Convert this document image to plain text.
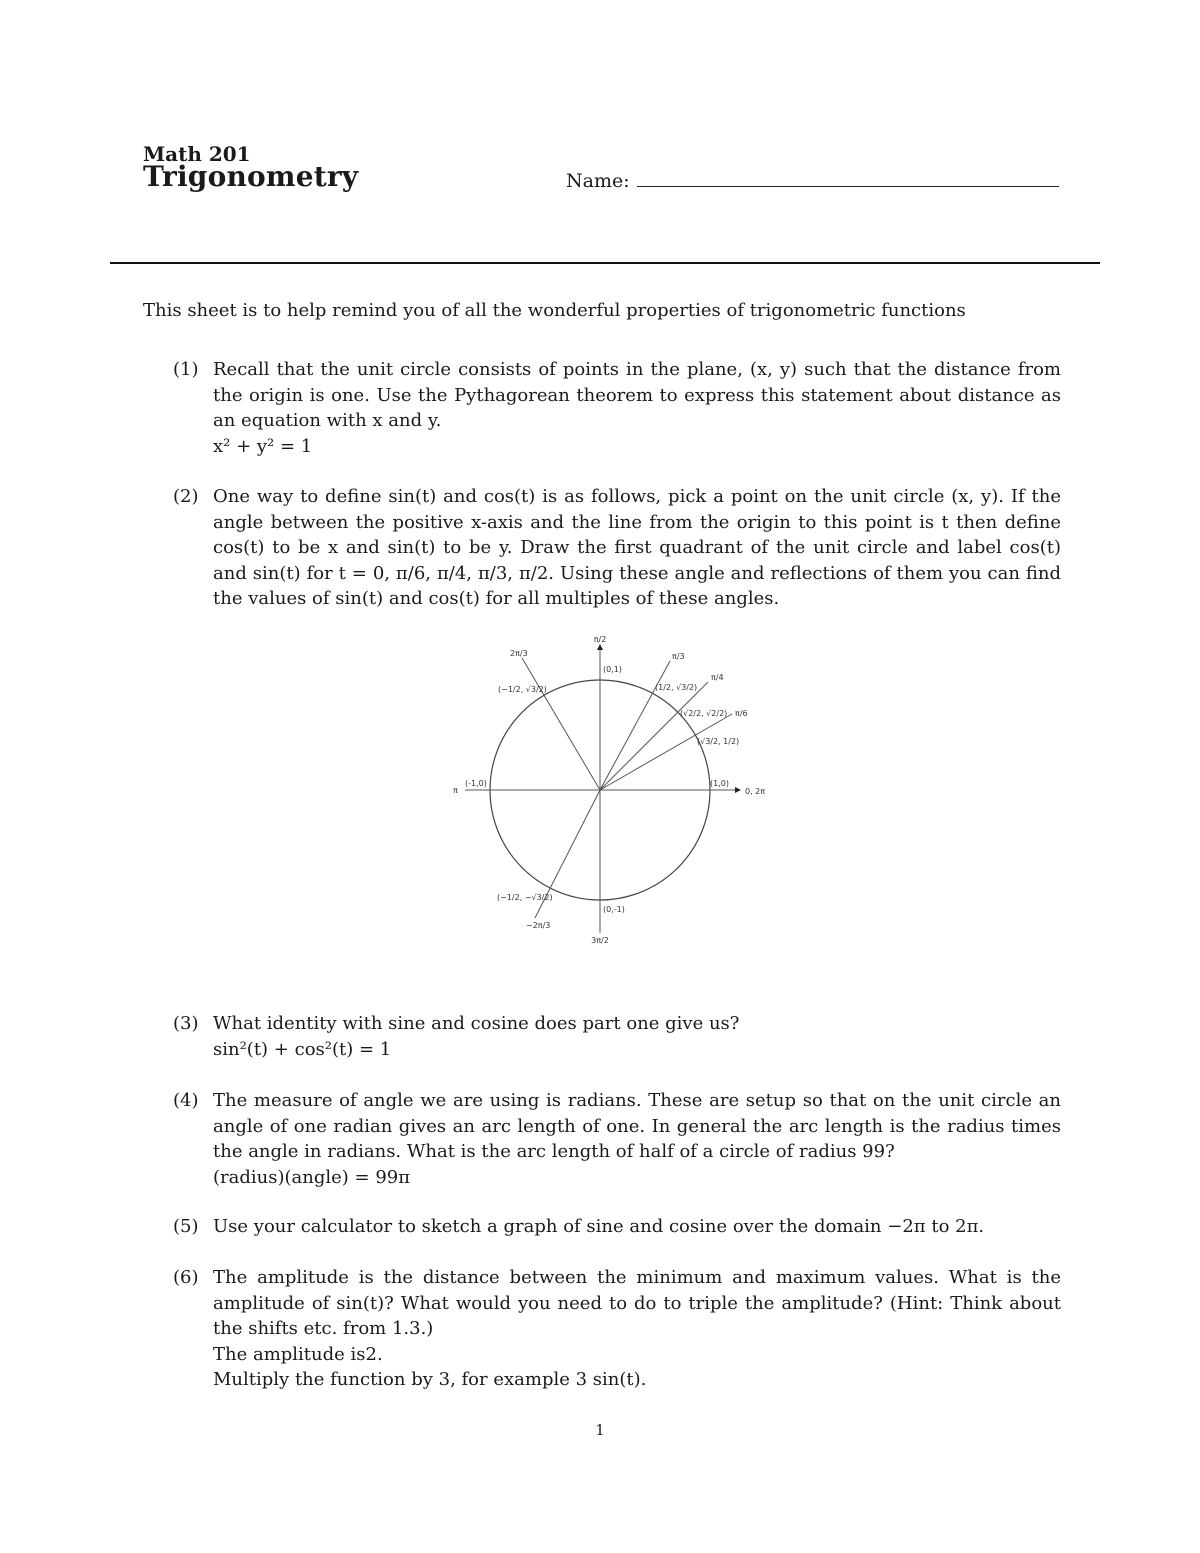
Math 201
Trigonometry	Name:
This sheet is to help remind you of all the wonderful properties of trigonometric functions
(1) Recall that the unit circle consists of points in the plane, (x, y) such that the distance from the origin is one. Use the Pythagorean theorem to express this statement about distance as an equation with x and y.
x² + y² = 1
(2) One way to define sin(t) and cos(t) is as follows, pick a point on the unit circle (x, y). If the angle between the positive x-axis and the line from the origin to this point is t then define cos(t) to be x and sin(t) to be y. Draw the first quadrant of the unit circle and label cos(t) and sin(t) for t = 0, π/6, π/4, π/3, π/2. Using these angle and reflections of them you can find the values of sin(t) and cos(t) for all multiples of these angles.
π/2
3π/2
π	0, 2π
π/3
π/4
π/6
2π/3
−2π/3
(0,1)
(0,-1)
(1,0)
(-1,0)
(1/2, √3/2)
(√2/2, √2/2)
(√3/2, 1/2)
(−1/2, √3/2)
(−1/2, −√3/2)
(3) What identity with sine and cosine does part one give us?
sin²(t) + cos²(t) = 1
(4) The measure of angle we are using is radians. These are setup so that on the unit circle an angle of one radian gives an arc length of one. In general the arc length is the radius times the angle in radians. What is the arc length of half of a circle of radius 99?
(radius)(angle) = 99π
(5) Use your calculator to sketch a graph of sine and cosine over the domain −2π to 2π.
(6) The amplitude is the distance between the minimum and maximum values. What is the amplitude of sin(t)? What would you need to do to triple the amplitude? (Hint: Think about the shifts etc. from 1.3.)
The amplitude is2.
Multiply the function by 3, for example 3 sin(t).
1
